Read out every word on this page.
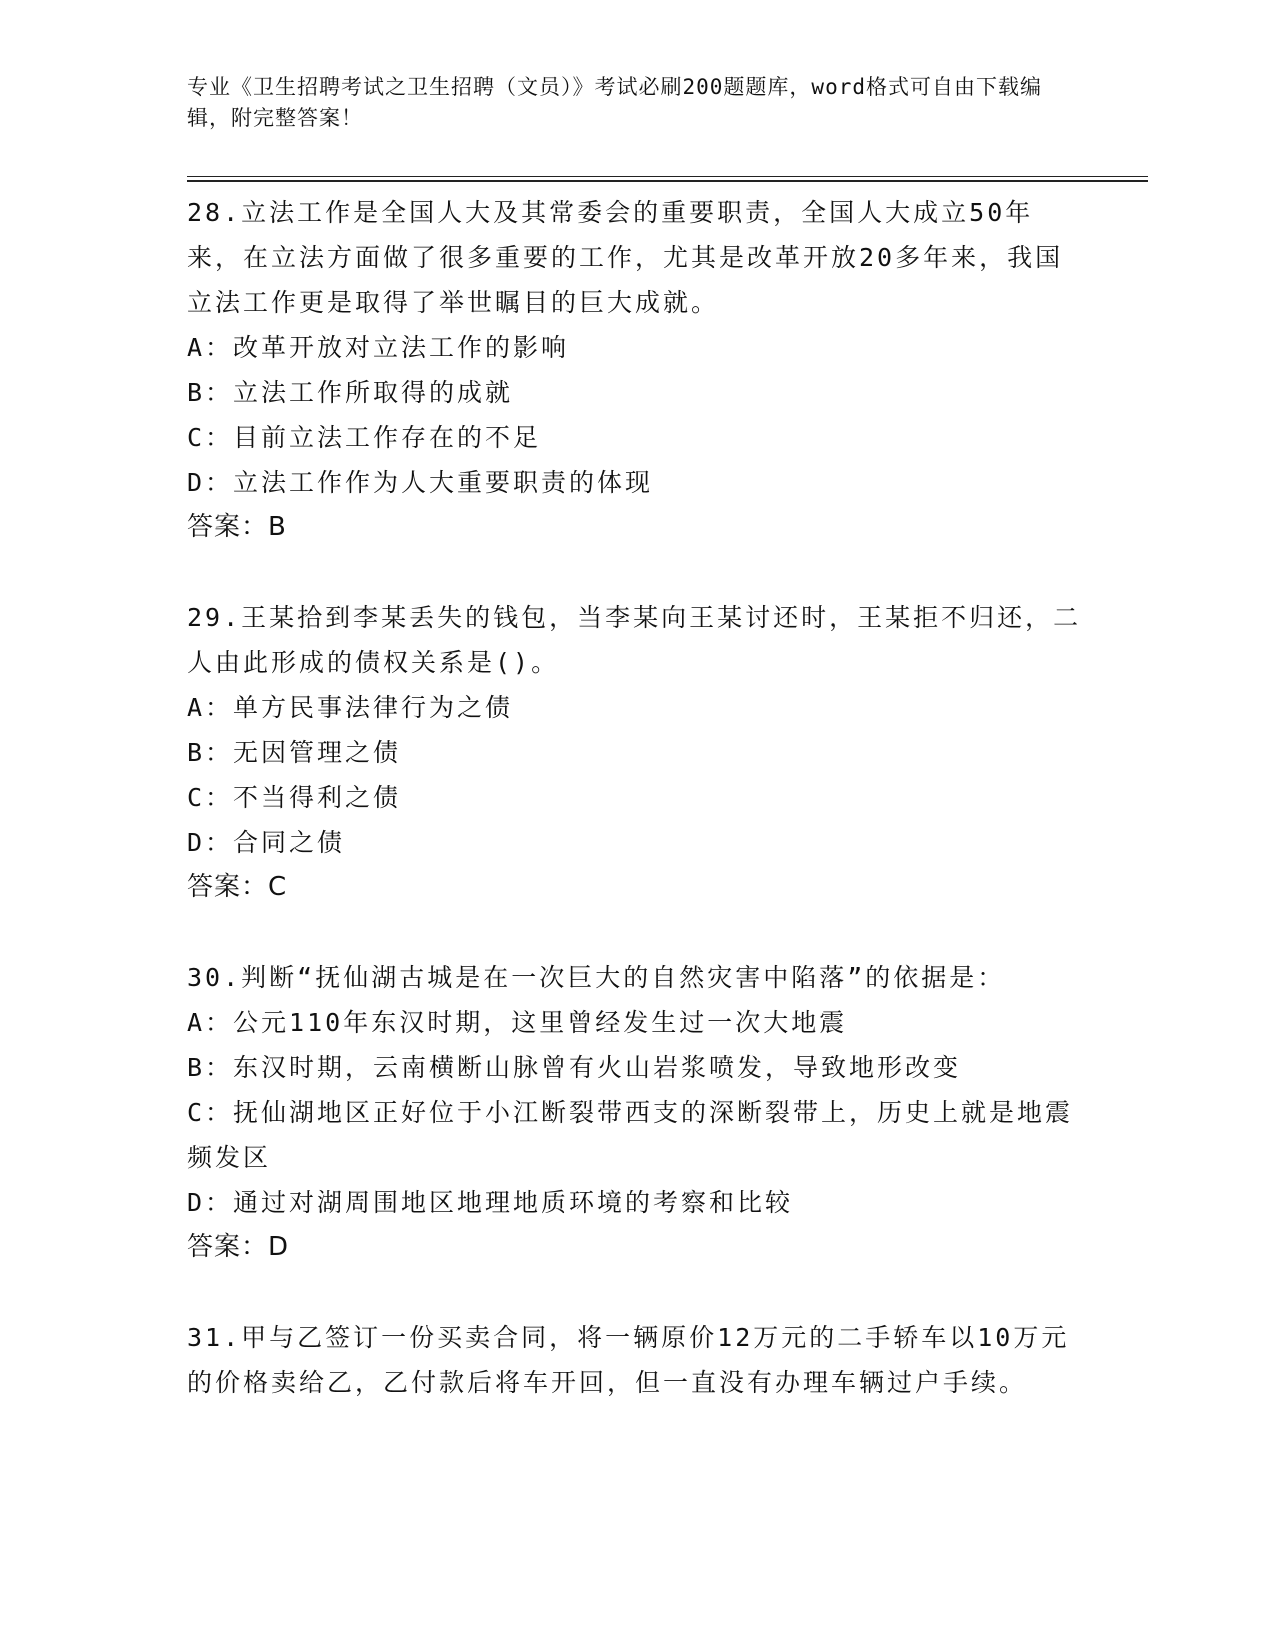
专业《卫生招聘考试之卫生招聘（文员）》考试必刷200题题库，word格式可自由下载编辑，附完整答案！

28.立法工作是全国人大及其常委会的重要职责，全国人大成立50年来，在立法方面做了很多重要的工作，尤其是改革开放20多年来，我国立法工作更是取得了举世瞩目的巨大成就。

A：改革开放对立法工作的影响

B：立法工作所取得的成就

C：目前立法工作存在的不足

D：立法工作作为人大重要职责的体现

答案：B

29.王某拾到李某丢失的钱包，当李某向王某讨还时，王某拒不归还，二人由此形成的债权关系是()。

A：单方民事法律行为之债

B：无因管理之债

C：不当得利之债

D：合同之债

答案：C

30.判断“抚仙湖古城是在一次巨大的自然灾害中陷落”的依据是：

A：公元110年东汉时期，这里曾经发生过一次大地震

B：东汉时期，云南横断山脉曾有火山岩浆喷发，导致地形改变

C：抚仙湖地区正好位于小江断裂带西支的深断裂带上，历史上就是地震频发区

D：通过对湖周围地区地理地质环境的考察和比较

答案：D

31.甲与乙签订一份买卖合同，将一辆原价12万元的二手轿车以10万元的价格卖给乙，乙付款后将车开回，但一直没有办理车辆过户手续。
